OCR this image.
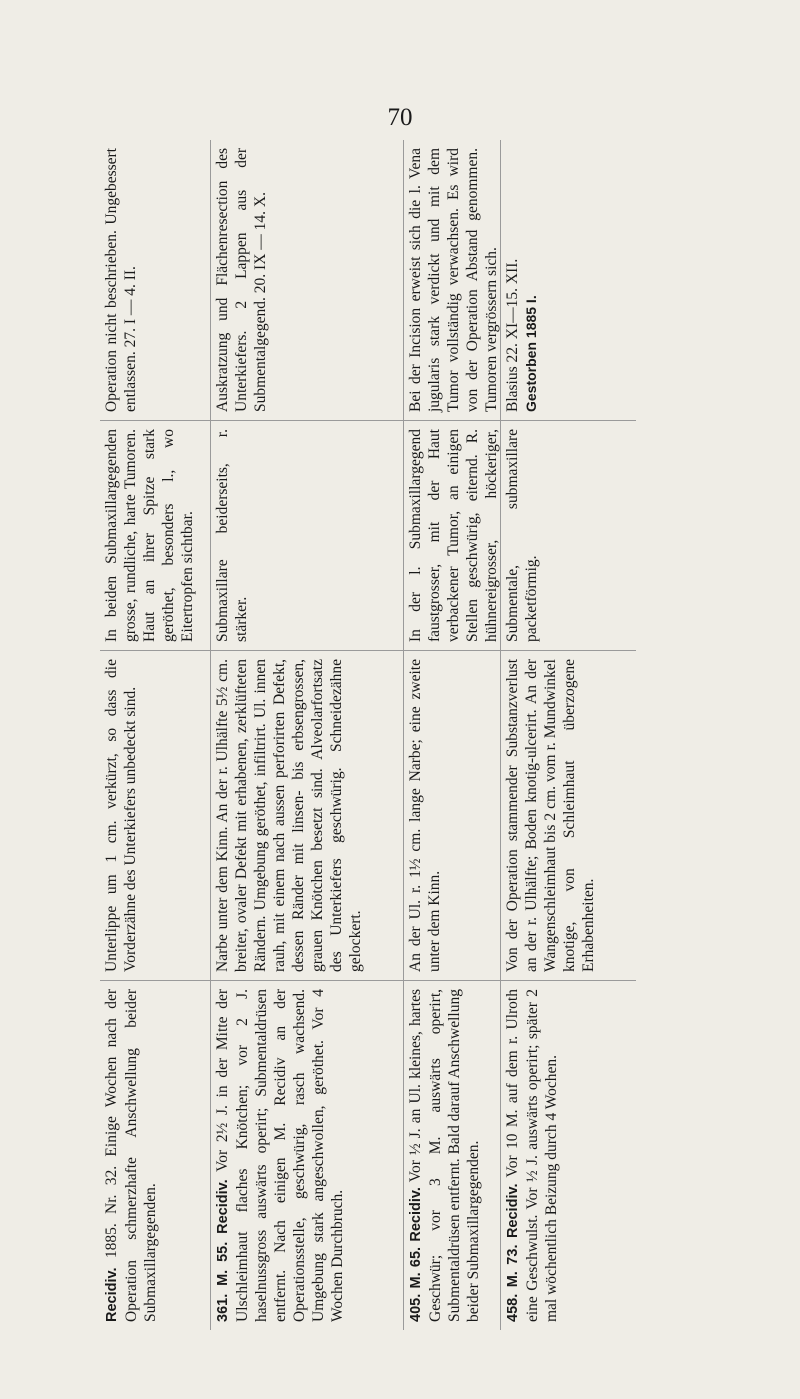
70

Recidiv. 1885. Nr. 32. Einige Wochen nach der Operation schmerzhafte Anschwellung beider Submaxillargegenden.

Unterlippe um 1 cm. verkürzt, so dass die Vorderzähne des Unterkiefers unbedeckt sind.

In beiden Submaxillargegenden grosse, rundliche, harte Tumoren. Haut an ihrer Spitze stark geröthet, besonders l., wo Eitertropfen sichtbar.

Operation nicht beschrieben. Ungebessert entlassen. 27. I — 4. II.

361. M. 55. Recidiv. Vor 2½ J. in der Mitte der Ulschleimhaut flaches Knötchen; vor 2 J. haselnussgross auswärts operirt; Submentaldrüsen entfernt. Nach einigen M. Recidiv an der Operationsstelle, geschwürig, rasch wachsend. Umgebung stark angeschwollen, geröthet. Vor 4 Wochen Durchbruch.

Narbe unter dem Kinn. An der r. Ulhälfte 5½ cm. breiter, ovaler Defekt mit erhabenen, zerklüfteten Rändern. Umgebung geröthet, infiltrirt. Ul. innen rauh, mit einem nach aussen perforirten Defekt, dessen Ränder mit linsen- bis erbsengrossen, grauen Knötchen besetzt sind. Alveolarfortsatz des Unterkiefers geschwürig. Schneidezähne gelockert.

Submaxillare beiderseits, r. stärker.

Auskratzung und Flächenresection des Unterkiefers. 2 Lappen aus der Submentalgegend. 20. IX — 14. X.

405. M. 65. Recidiv. Vor ½ J. an Ul. kleines, hartes Geschwür; vor 3 M. auswärts operirt, Submentaldrüsen entfernt. Bald darauf Anschwellung beider Submaxillargegenden.

An der Ul. r. 1½ cm. lange Narbe; eine zweite unter dem Kinn.

In der l. Submaxillargegend faustgrosser, mit der Haut verbackener Tumor, an einigen Stellen geschwürig, eiternd. R. hühnereigrosser, höckeriger,

Bei der Incision erweist sich die l. Vena jugularis stark verdickt und mit dem Tumor vollständig verwachsen. Es wird von der Operation Abstand genommen. Tumoren vergrössern sich.

458. M. 73. Recidiv. Vor 10 M. auf dem r. Ulroth eine Geschwulst. Vor ½ J. auswärts operirt; später 2 mal wöchentlich Beizung durch 4 Wochen.

Von der Operation stammender Substanzverlust an der r. Ulhälfte; Boden knotig-ulcerirt. An der Wangenschleimhaut bis 2 cm. vom r. Mundwinkel knotige, von Schleimhaut überzogene Erhabenheiten.

Submentale, submaxillare packetförmig.

Blasius 22. XI—15. XII. Gestorben 1885 I.
